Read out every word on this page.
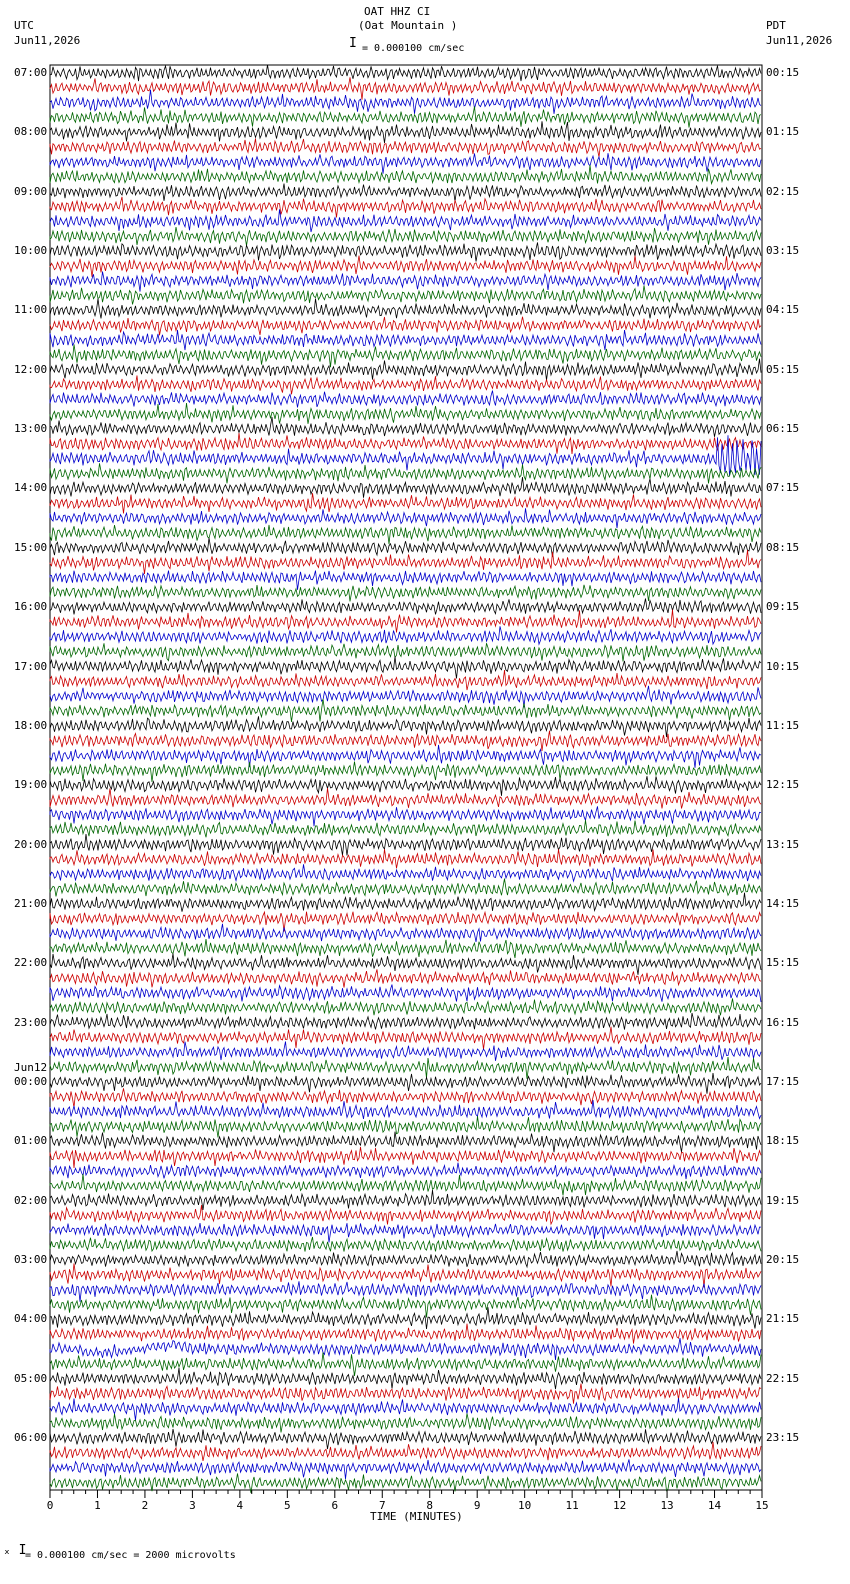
0	1	2	3	4	5	6	7	8	9	10	11	12	13	14	15
OAT HHZ CI
(Oat Mountain )
I = 0.000100 cm/sec
UTC
Jun11,2026
PDT
Jun11,2026
07:00
08:00
09:00
10:00
11:00
12:00
13:00
14:00
15:00
16:00
17:00
18:00
19:00
20:00
21:00
22:00
23:00
00:00
01:00
02:00
03:00
04:00
05:00
06:00
00:15
01:15
02:15
03:15
04:15
05:15
06:15
07:15
08:15
09:15
10:15
11:15
12:15
13:15
14:15
15:15
16:15
17:15
18:15
19:15
20:15
21:15
22:15
23:15
Jun12
TIME (MINUTES)
ₓ I
= 0.000100 cm/sec = 2000 microvolts
